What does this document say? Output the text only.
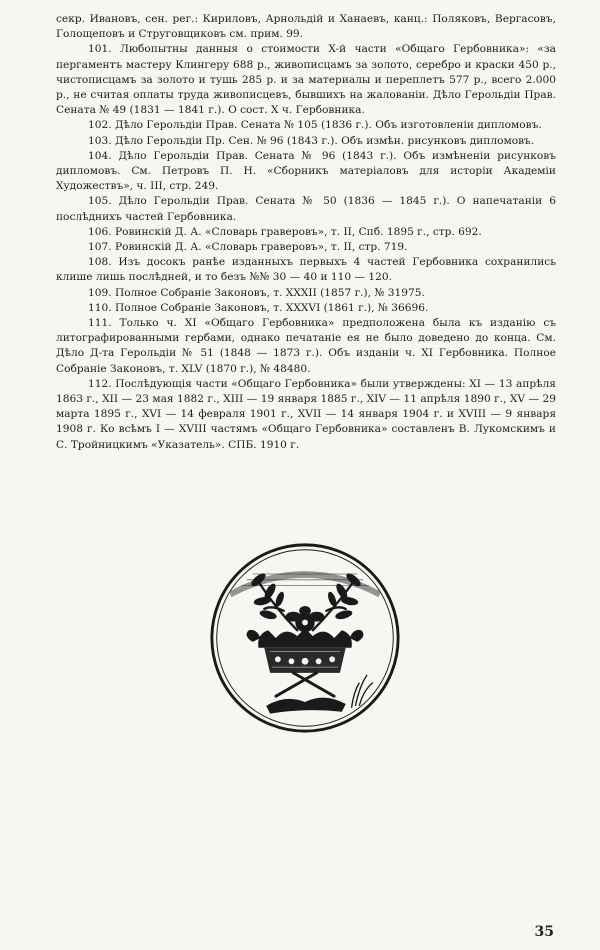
секр. Ивановъ, сен. рег.: Кириловъ, Арнольдiй и Ханаевъ, канц.: Поляковъ, Вергасовъ, Голощеповъ и Струговщиковъ см. прим. 99.

101. Любопытны данныя о стоимости X-й части «Общаго Гербовника»: «за пергаментъ мастеру Клингеру 688 р., живописцамъ за золото, серебро и краски 450 р., чистописцамъ за золото и тушь 285 р. и за материалы и переплетъ 577 р., всего 2.000 р., не считая оплаты труда живописцевъ, бывшихъ на жалованiи. Дѣло Герольдiи Прав. Сената № 49 (1831 — 1841 г.). О сост. X ч. Гербовника.

102. Дѣло Герольдiи Прав. Сената № 105 (1836 г.). Объ изготовленiи дипломовъ.

103. Дѣло Герольдiи Пр. Сен. № 96 (1843 г.). Объ измѣн. рисунковъ дипломовъ.

104. Дѣло Герольдiи Прав. Сената № 96 (1843 г.). Объ измѣненiи рисунковъ дипломовъ. См. Петровъ П. Н. «Сборникъ матерiаловъ для исторiи Академiи Художествъ», ч. III, стр. 249.

105. Дѣло Герольдiи Прав. Сената № 50 (1836 — 1845 г.). О напечатанiи 6 послѣднихъ частей Гербовника.

106. Ровинскiй Д. А. «Словарь граверовъ», т. II, Спб. 1895 г., стр. 692.

107. Ровинскiй Д. А. «Словарь граверовъ», т. II, стр. 719.

108. Изъ досокъ ранѣе изданныхъ первыхъ 4 частей Гербовника сохранились клише лишь послѣдней, и то безъ №№ 30 — 40 и 110 — 120.

109. Полное Собранiе Законовъ, т. XXXII (1857 г.), № 31975.

110. Полное Собранiе Законовъ, т. XXXVI (1861 г.), № 36696.

111. Только ч. XI «Общаго Гербовника» предположена была къ изданiю съ литографированными гербами, однако печатанiе ея не было доведено до конца. См. Дѣло Д-та Герольдiи № 51 (1848 — 1873 г.). Объ изданiи ч. XI Гербовника. Полное Собранiе Законовъ, т. XLV (1870 г.), № 48480.

112. Послѣдующiя части «Общаго Гербовника» были утверждены: XI — 13 апрѣля 1863 г., XII — 23 мая 1882 г., XIII — 19 января 1885 г., XIV — 11 апрѣля 1890 г., XV — 29 марта 1895 г., XVI — 14 февраля 1901 г., XVII — 14 января 1904 г. и XVIII — 9 января 1908 г. Ко всѣмъ I — XVIII частямъ «Общаго Гербовника» составленъ В. Лукомскимъ и С. Тройницкимъ «Указатель». СПБ. 1910 г.

35
